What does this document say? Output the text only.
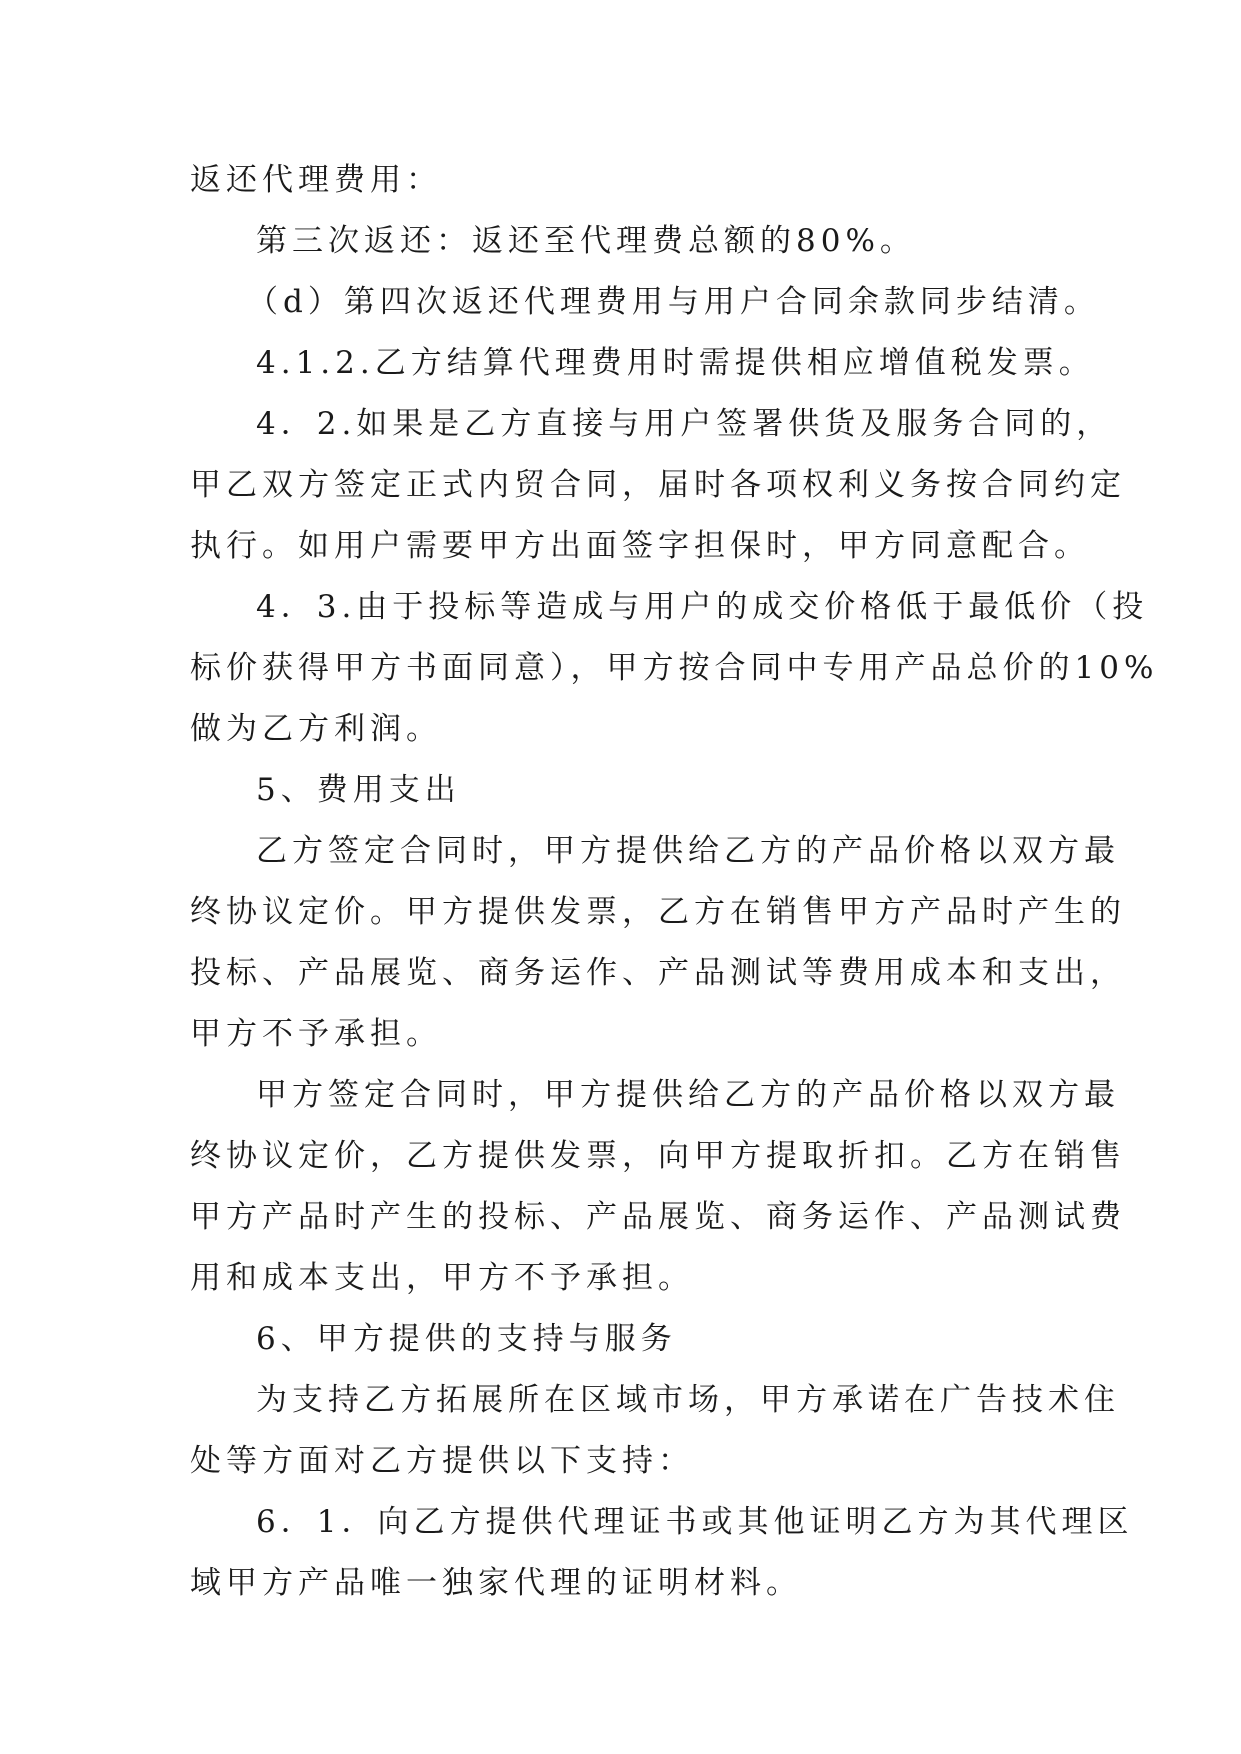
返还代理费用：
第三次返还：返还至代理费总额的80%。
（d）第四次返还代理费用与用户合同余款同步结清。
4.1.2.乙方结算代理费用时需提供相应增值税发票。
4．2.如果是乙方直接与用户签署供货及服务合同的，
甲乙双方签定正式内贸合同，届时各项权利义务按合同约定
执行。如用户需要甲方出面签字担保时，甲方同意配合。
4．3.由于投标等造成与用户的成交价格低于最低价（投
标价获得甲方书面同意），甲方按合同中专用产品总价的10%
做为乙方利润。
5、费用支出
乙方签定合同时，甲方提供给乙方的产品价格以双方最
终协议定价。甲方提供发票，乙方在销售甲方产品时产生的
投标、产品展览、商务运作、产品测试等费用成本和支出，
甲方不予承担。
甲方签定合同时，甲方提供给乙方的产品价格以双方最
终协议定价，乙方提供发票，向甲方提取折扣。乙方在销售
甲方产品时产生的投标、产品展览、商务运作、产品测试费
用和成本支出，甲方不予承担。
6、甲方提供的支持与服务
为支持乙方拓展所在区域市场，甲方承诺在广告技术住
处等方面对乙方提供以下支持：
6．1．向乙方提供代理证书或其他证明乙方为其代理区
域甲方产品唯一独家代理的证明材料。
